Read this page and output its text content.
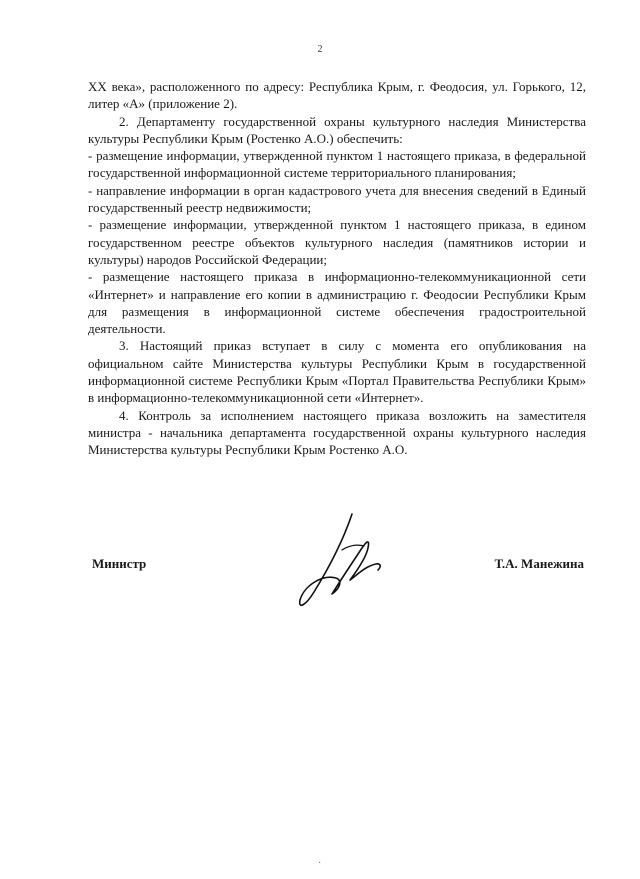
2

XX века», расположенного по адресу: Республика Крым, г. Феодосия, ул. Горького, 12, литер «А» (приложение 2).

2. Департаменту государственной охраны культурного наследия Министерства культуры Республики Крым (Ростенко А.О.) обеспечить:

- размещение информации, утвержденной пунктом 1 настоящего приказа, в федеральной государственной информационной системе территориального планирования;

- направление информации в орган кадастрового учета для внесения сведений в Единый государственный реестр недвижимости;

- размещение информации, утвержденной пунктом 1 настоящего приказа, в едином государственном реестре объектов культурного наследия (памятников истории и культуры) народов Российской Федерации;

- размещение настоящего приказа в информационно-телекоммуникационной сети «Интернет» и направление его копии в администрацию г. Феодосии Республики Крым для размещения в информационной системе обеспечения градостроительной деятельности.

3. Настоящий приказ вступает в силу с момента его опубликования на официальном сайте Министерства культуры Республики Крым в государственной информационной системе Республики Крым «Портал Правительства Республики Крым» в информационно-телекоммуникационной сети «Интернет».

4. Контроль за исполнением настоящего приказа возложить на заместителя министра - начальника департамента государственной охраны культурного наследия Министерства культуры Республики Крым Ростенко А.О.

Министр	Т.А. Манежина
·
